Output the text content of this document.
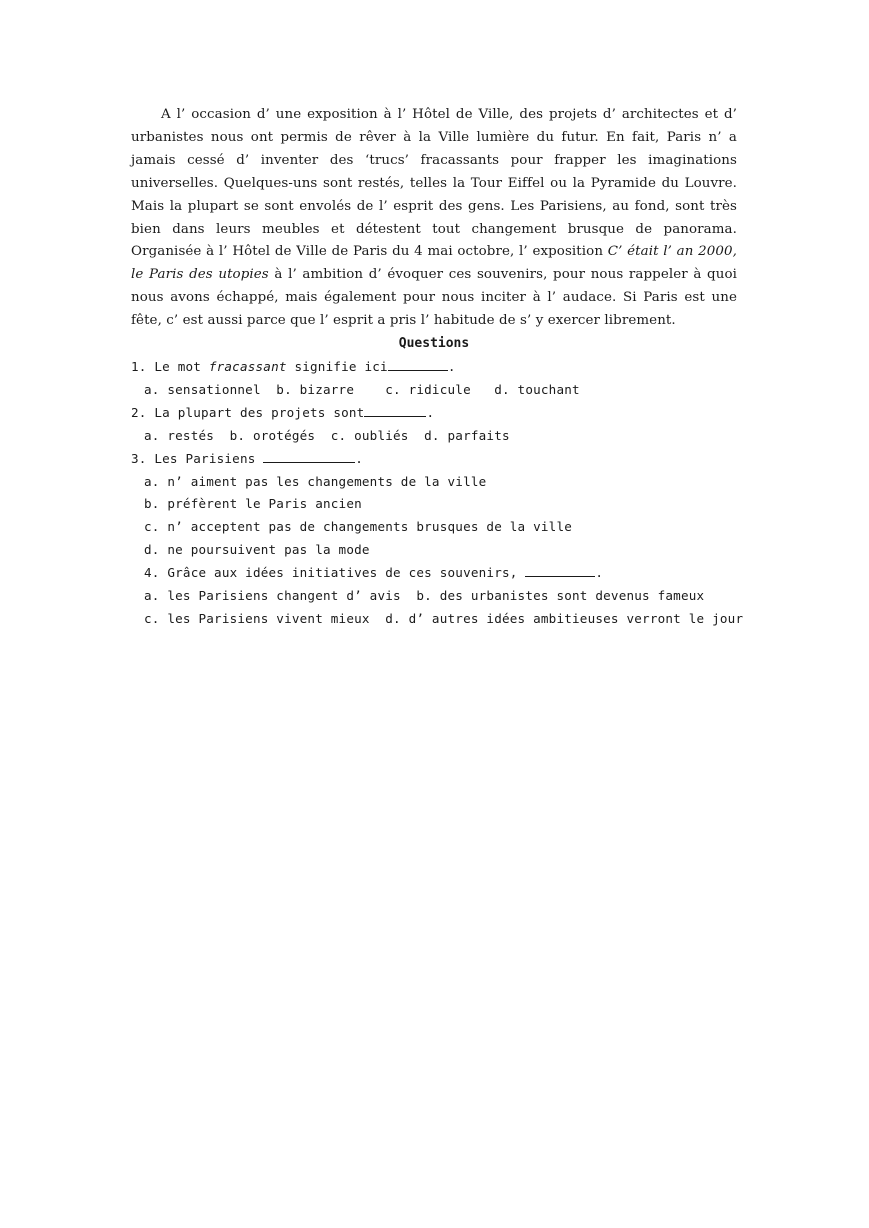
A l’ occasion d’ une exposition à l’ Hôtel de Ville, des projets d’ architectes et d’ urbanistes nous ont permis de rêver à la Ville lumière du futur. En fait, Paris n’ a jamais cessé d’ inventer des ‘trucs’ fracassants pour frapper les imaginations universelles. Quelques-uns sont restés, telles la Tour Eiffel ou la Pyramide du Louvre. Mais la plupart se sont envolés de l’ esprit des gens. Les Parisiens, au fond, sont très bien dans leurs meubles et détestent tout changement brusque de panorama. Organisée à l’ Hôtel de Ville de Paris du 4 mai octobre, l’ exposition C’ était l’ an 2000, le Paris des utopies à l’ ambition d’ évoquer ces souvenirs, pour nous rappeler à quoi nous avons échappé, mais également pour nous inciter à l’ audace. Si Paris est une fête, c’ est aussi parce que l’ esprit a pris l’ habitude de s’ y exercer librement.

Questions

1. Le mot fracassant signifie ici	.

a. sensationnel  b. bizarre    c. ridicule   d. touchant

2. La plupart des projets sont	.

a. restés  b. orotégés  c. oubliés  d. parfaits

3. Les Parisiens	.

a. n’ aiment pas les changements de la ville

b. préfèrent le Paris ancien

c. n’ acceptent pas de changements brusques de la ville

d. ne poursuivent pas la mode

4. Grâce aux idées initiatives de ces souvenirs,	.

a. les Parisiens changent d’ avis  b. des urbanistes sont devenus fameux

c. les Parisiens vivent mieux  d. d’ autres idées ambitieuses verront le jour
